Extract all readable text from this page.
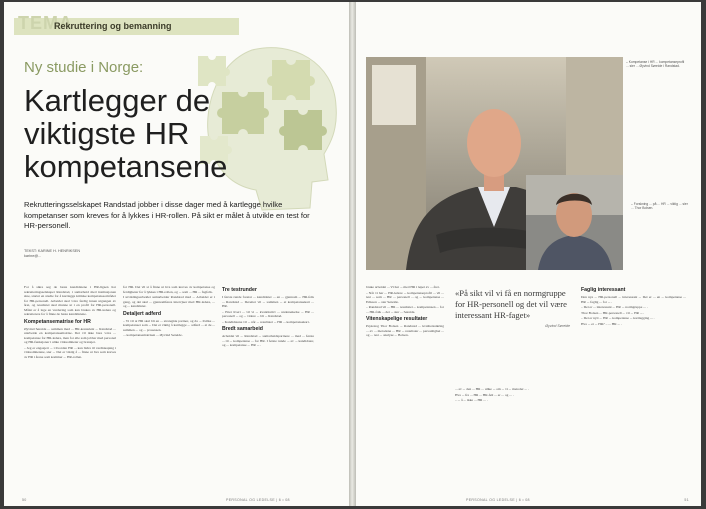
TEMA
Rekruttering og bemanning
Ny studie i Norge:
Kartlegger de
viktigste HR
kompetansene
Rekrutteringsselskapet Randstad jobber i disse dager med å kartlegge hvilke kompetanser som kreves for å lykkes i HR-rollen. På sikt er målet å utvikle en test for HR-personell.
TEKST: KARINE H. HENRIKSEN
karine@...

For å sikre seg de beste kandidatene i HR-ligaen har rekrutteringsselskapet Randstad, i samarbeid med institusjonen sine, startet en studie for å kartlegge kritiske kompetanseområder for HR-personell. Arbeidet skal være ferdig innen utgangen av året, og resultatet skal munne ut i en profil for HR-personell. Målet er å lage en vurdering som kan brukes av HR-ledere og rekrutterere for å finne de beste kandidatene.

Kompetansematrise for HR

Øyvind Søreide ... sammen med ... HR-konsulent ... Randstad ... utarbeide en kompetansematrise. Det vil ikke bare være ... kompetanse for HR-ledere, men for alle som jobber med personal og HR-funksjoner i ulike virksomheter og bransjer.

– Jeg er engasjert ... i hvordan HR ... kan bidra til verdiskaping i virksomhetene, sier ... Det er viktig å ... finne ut hva som kreves av HR i årene som kommer ... HR-rollen.

for HR. Det vil si å finne ut hva som kreves av kompetanse og ferdigheter for å lykkes i HR-rollen, og ... som ... HR ... fagfolk.

I utviklingsarbeidet samarbeider Randstad med ... Arbeidet er i gang, og det skal ... gjennomføres intervjuer med HR-ledere, ... og ... kandidater.

Detaljert adferd

– Vi vil at HR skal bli en ... strategisk partner, og da ... hvilke ... kompetanser som ... Det er viktig å kartlegge ... adferd ... at de ... sammen ... og ... prosessen.

... kompetansematrisen ... Øyvind Søreide.

Tre testrunder

I første runde foretar ... kandidater ... en ... gjennom ... HR-folk ... Randstad ... Deretter vil ... sammen ... et kompetansekart ... HR.

– Etter hvert ... vil vi ... kvantitativt ... undersøkelse ... HR ... personell ... og ... videre ... bli ... Randstad.

– Kandidatene vil ... når ... resultatet ... HR ... kompetansekart.

Bredt samarbeid

Arbeidet vil ... Randstad ... samarbeidspartnere ... med ... første ... til ... kompetanse ... for HR. I første runde ... av ... kandidater, og ... kompetanse ... HR ... .

50	PERSONAL OG LEDELSE | 6 • 08
– Kompetanse i HR ... kompetanseprofil ... sier ... Øyvind Søreide i Randstad.
– Forskning ... på ... HR ... viktig ... sier ... Thor Bolsen.

bruke arbeidet ... Vi har ... med HR i løpet av ... året.

– Når vi har ... HR-ledere ... kompetanseprofil ... vil ... test ... som ... HR ... personell ... og ... kompetanse ... Erikson ... sier Søreide.

– Randstad vil ... HR ... resultatet ... kompetansen ... for ... HR-folk ... det ... sier ... Søreide.

Vitenskapelige resultater

Psykolog Thor Bolsen ... Randstad ... kvalitetssikring ... av ... metodene ... HR ... resultater ... personlighet ... og ... test ... analyse ... Bolsen.

«På sikt vil vi få en normgruppe for HR-personell og det vil være interessant HR-faget»
Øyvind Søreide

... av ... den ... HR ... ulike ... om ... vi ... metoder ... .

Hva ... fra ... HR ... HR-felt ... er ... og ... .

– ... å ... ikke ... HR ... .

Faglig interessant

Den nye ... HR-personell ... interessant ... Det er ... en ... kompetanse ... HR ... faglig ... for ... .

– Det er ... interessant ... HR ... normgruppe ... .

Thor Bolsen ... HR-personell ... vil ... HR ... .

– Det er nytt ... HR ... kompetanse ... kartlegging ... .

Hva ... er ... HR? – ... HR ... .

PERSONAL OG LEDELSE | 6 • 08	51
